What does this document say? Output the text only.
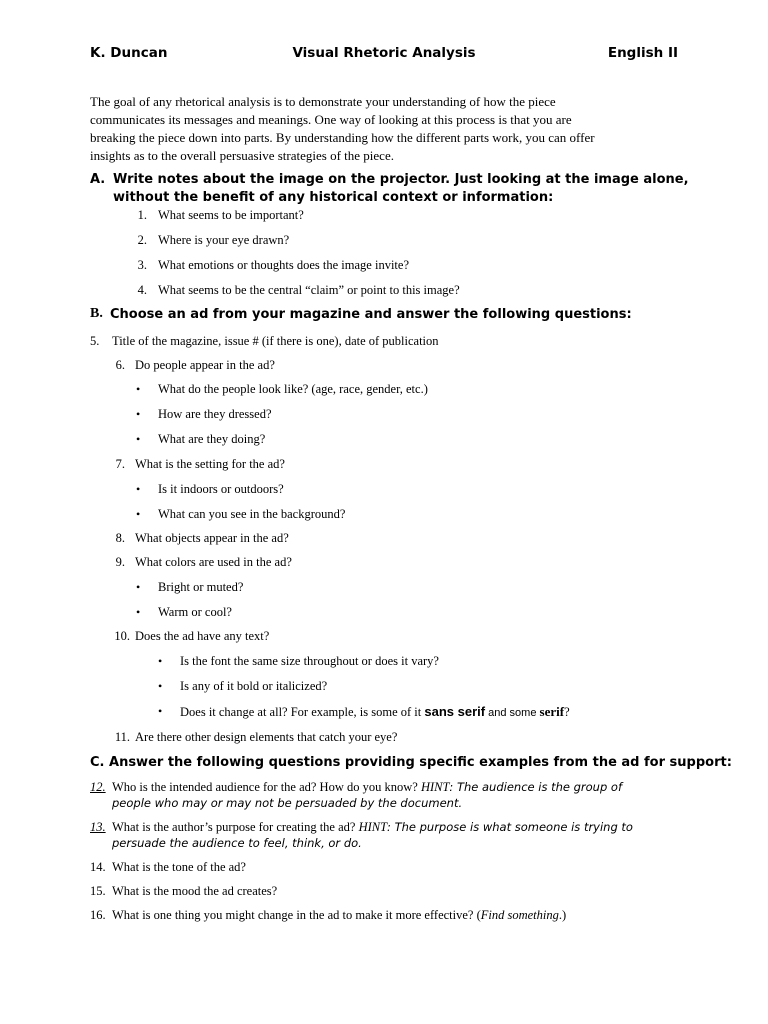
K. Duncan	Visual Rhetoric Analysis	English II
The goal of any rhetorical analysis is to demonstrate your understanding of how the piece
communicates its messages and meanings. One way of looking at this process is that you are
breaking the piece down into parts. By understanding how the different parts work, you can offer
insights as to the overall persuasive strategies of the piece.
A. Write notes about the image on the projector. Just looking at the image alone,
without the benefit of any historical context or information:
1. What seems to be important?
2. Where is your eye drawn?
3. What emotions or thoughts does the image invite?
4. What seems to be the central “claim” or point to this image?
B. Choose an ad from your magazine and answer the following questions:
5. Title of the magazine, issue # (if there is one), date of publication
6. Do people appear in the ad?
• What do the people look like? (age, race, gender, etc.)
• How are they dressed?
• What are they doing?
7. What is the setting for the ad?
• Is it indoors or outdoors?
• What can you see in the background?
8. What objects appear in the ad?
9. What colors are used in the ad?
• Bright or muted?
• Warm or cool?
10. Does the ad have any text?
• Is the font the same size throughout or does it vary?
• Is any of it bold or italicized?
• Does it change at all? For example, is some of it sans serif and some serif?
11. Are there other design elements that catch your eye?
C. Answer the following questions providing specific examples from the ad for support:
12. Who is the intended audience for the ad? How do you know? HINT: The audience is the group of
people who may or may not be persuaded by the document.
13. What is the author’s purpose for creating the ad? HINT: The purpose is what someone is trying to
persuade the audience to feel, think, or do.
14. What is the tone of the ad?
15. What is the mood the ad creates?
16. What is one thing you might change in the ad to make it more effective? (Find something.)
